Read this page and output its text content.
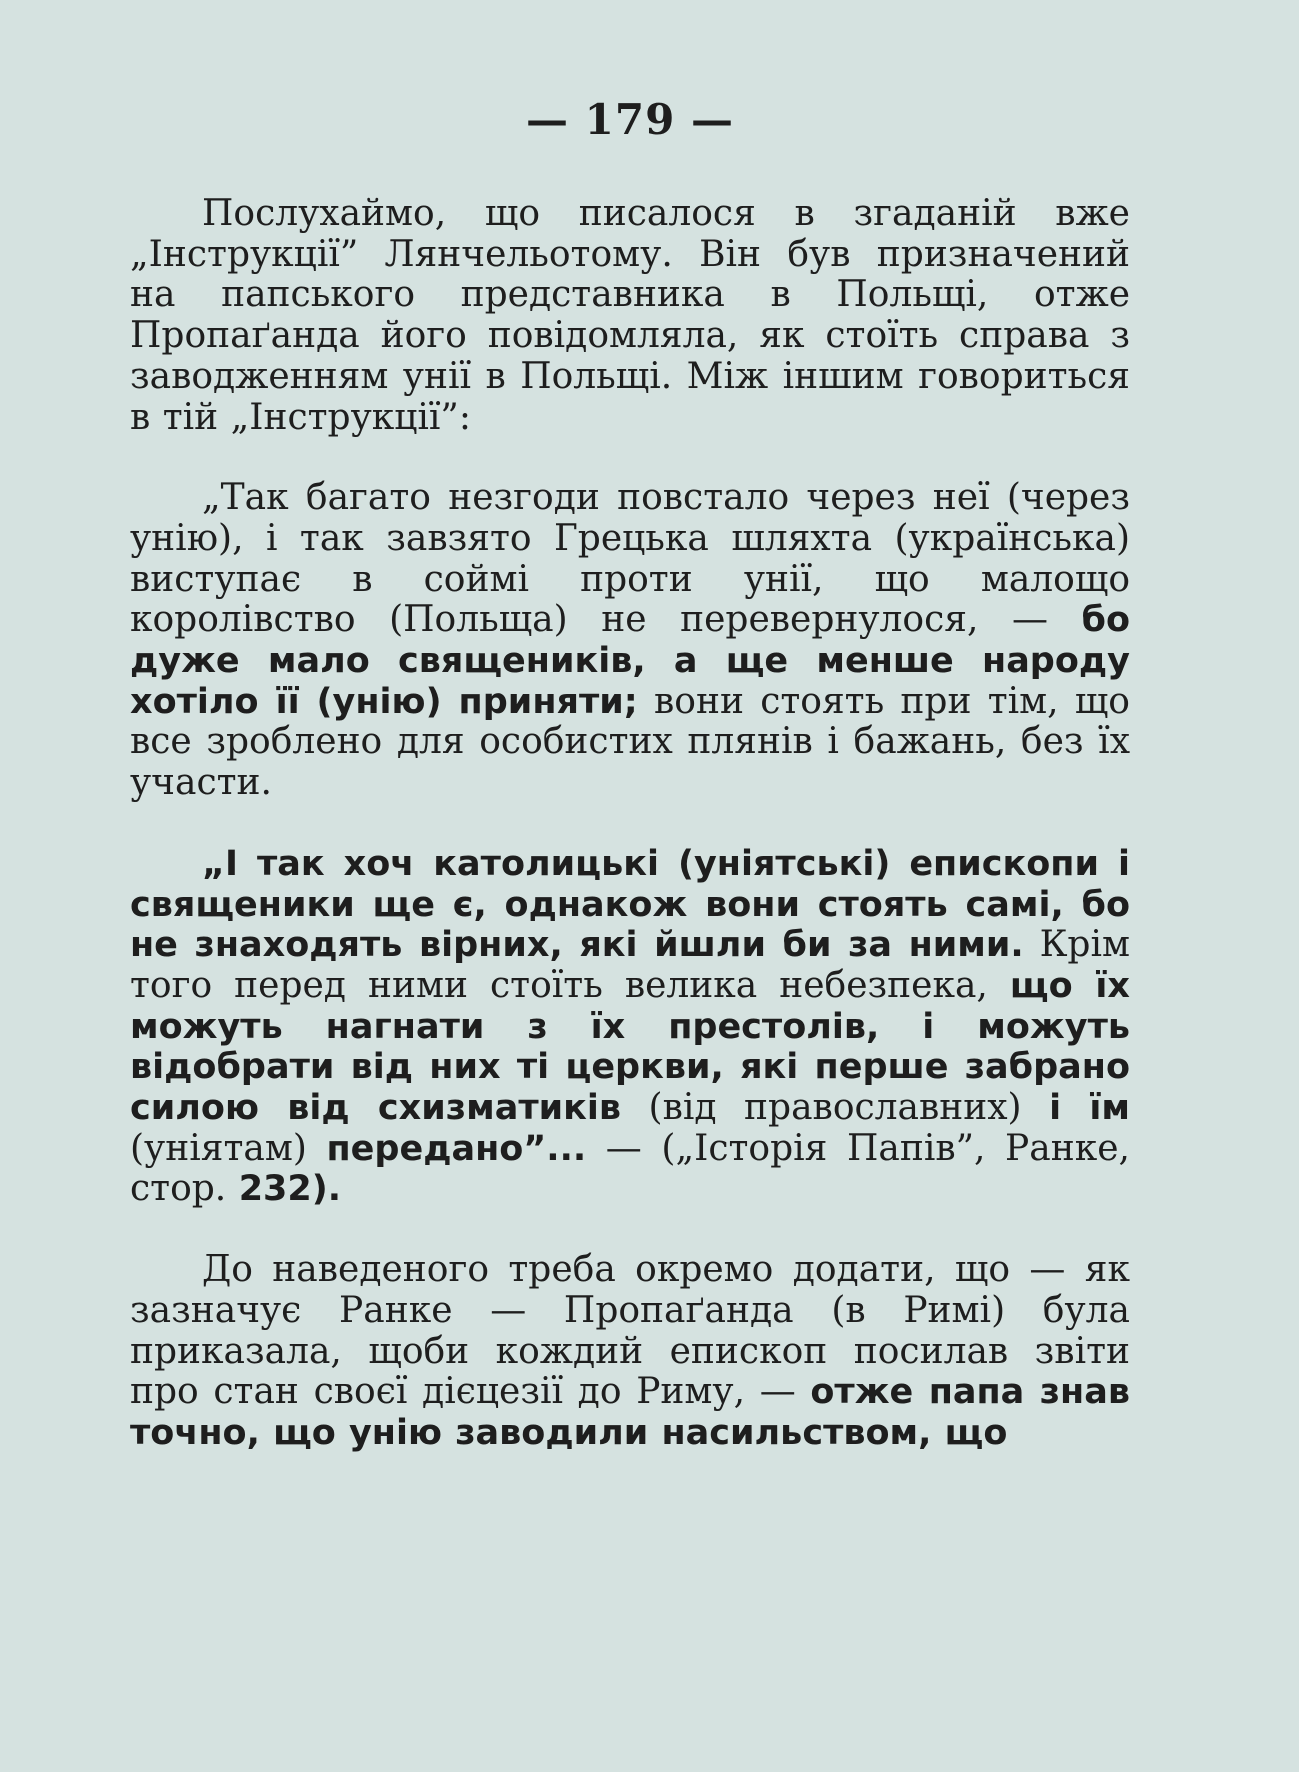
— 179 —

Послухаймо, що писалося в згаданій вже „Інструкції” Лянчельотому. Він був призначений на папського представника в Польщі, отже Пропаґанда його повідомляла, як стоїть справа з заводженням унії в Польщі. Між іншим говориться в тій „Інструкції”:

„Так багато незгоди повстало через неї (через унію), і так завзято Грецька шляхта (українська) виступає в соймі проти унії, що малощо королівство (Польща) не перевернулося, — бо дуже мало священиків, а ще менше народу хотіло її (унію) приняти; вони стоять при тім, що все зроблено для особистих плянів і бажань, без їх участи.

„І так хоч католицькі (уніятські) епископи і священики ще є, однакож вони стоять самі, бо не знаходять вірних, які йшли би за ними. Крім того перед ними стоїть велика небезпека, що їх можуть нагнати з їх престолів, і можуть відобрати від них ті церкви, які перше забрано силою від схизматиків (від православних) і їм (уніятам) передано”... — („Історія Папів”, Ранке, стор. 232).

До наведеного треба окремо додати, що — як зазначує Ранке — Пропаґанда (в Римі) була приказала, щоби кождий епископ посилав звіти про стан своєї дієцезії до Риму, — отже папа знав точно, що унію заводили насильством, що
